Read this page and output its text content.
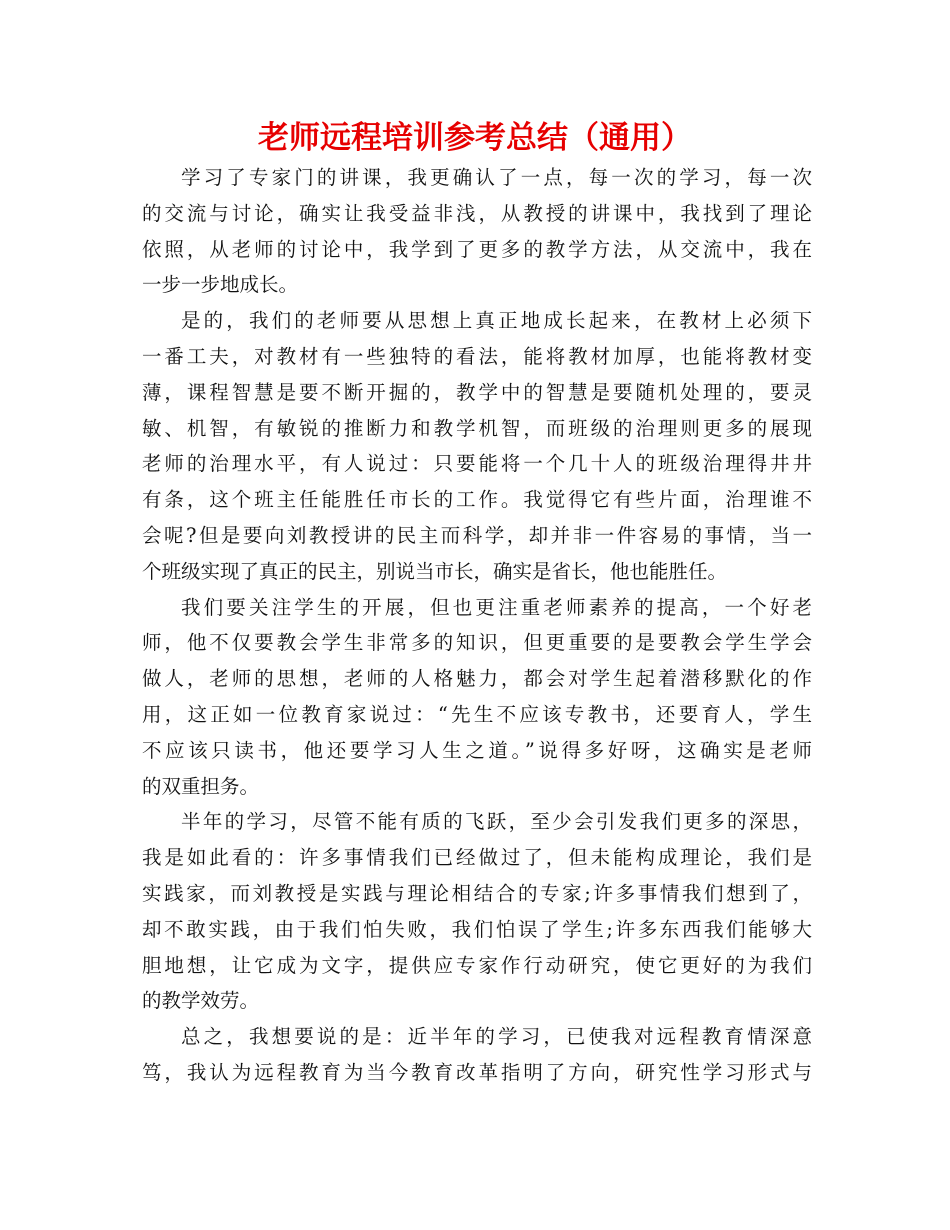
老师远程培训参考总结（通用）

学习了专家门的讲课，我更确认了一点，每一次的学习，每一次
的交流与讨论，确实让我受益非浅，从教授的讲课中，我找到了理论
依照，从老师的讨论中，我学到了更多的教学方法，从交流中，我在
一步一步地成长。

是的，我们的老师要从思想上真正地成长起来，在教材上必须下
一番工夫，对教材有一些独特的看法，能将教材加厚，也能将教材变
薄，课程智慧是要不断开掘的，教学中的智慧是要随机处理的，要灵
敏、机智，有敏锐的推断力和教学机智，而班级的治理则更多的展现
老师的治理水平，有人说过：只要能将一个几十人的班级治理得井井
有条，这个班主任能胜任市长的工作。我觉得它有些片面，治理谁不
会呢?但是要向刘教授讲的民主而科学，却并非一件容易的事情，当一
个班级实现了真正的民主，别说当市长，确实是省长，他也能胜任。

我们要关注学生的开展，但也更注重老师素养的提高，一个好老
师，他不仅要教会学生非常多的知识，但更重要的是要教会学生学会
做人，老师的思想，老师的人格魅力，都会对学生起着潜移默化的作
用，这正如一位教育家说过：“先生不应该专教书，还要育人，学生
不应该只读书，他还要学习人生之道。”说得多好呀，这确实是老师
的双重担务。

半年的学习，尽管不能有质的飞跃，至少会引发我们更多的深思，
我是如此看的：许多事情我们已经做过了，但未能构成理论，我们是
实践家，而刘教授是实践与理论相结合的专家;许多事情我们想到了，
却不敢实践，由于我们怕失败，我们怕误了学生;许多东西我们能够大
胆地想，让它成为文字，提供应专家作行动研究，使它更好的为我们
的教学效劳。

总之，我想要说的是：近半年的学习，已使我对远程教育情深意
笃，我认为远程教育为当今教育改革指明了方向，研究性学习形式与
